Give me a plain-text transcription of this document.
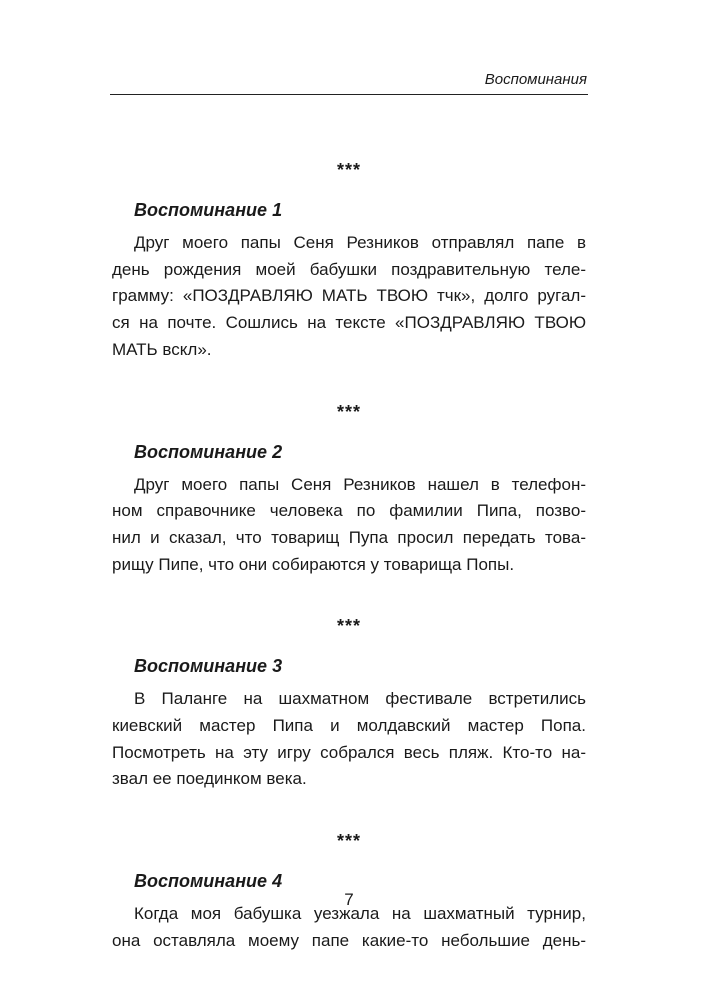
Воспоминания
***
Воспоминание 1
Друг моего папы Сеня Резников отправлял папе в
день рождения моей бабушки поздравительную теле-
грамму: «ПОЗДРАВЛЯЮ МАТЬ ТВОЮ тчк», долго ругал-
ся на почте. Сошлись на тексте «ПОЗДРАВЛЯЮ ТВОЮ
МАТЬ вскл».
***
Воспоминание 2
Друг моего папы Сеня Резников нашел в телефон-
ном справочнике человека по фамилии Пипа, позво-
нил и сказал, что товарищ Пупа просил передать това-
рищу Пипе, что они собираются у товарища Попы.
***
Воспоминание 3
В Паланге на шахматном фестивале встретились
киевский мастер Пипа и молдавский мастер Попа.
Посмотреть на эту игру собрался весь пляж. Кто-то на-
звал ее поединком века.
***
Воспоминание 4
Когда моя бабушка уезжала на шахматный турнир,
она оставляла моему папе какие-то небольшие день-
7
